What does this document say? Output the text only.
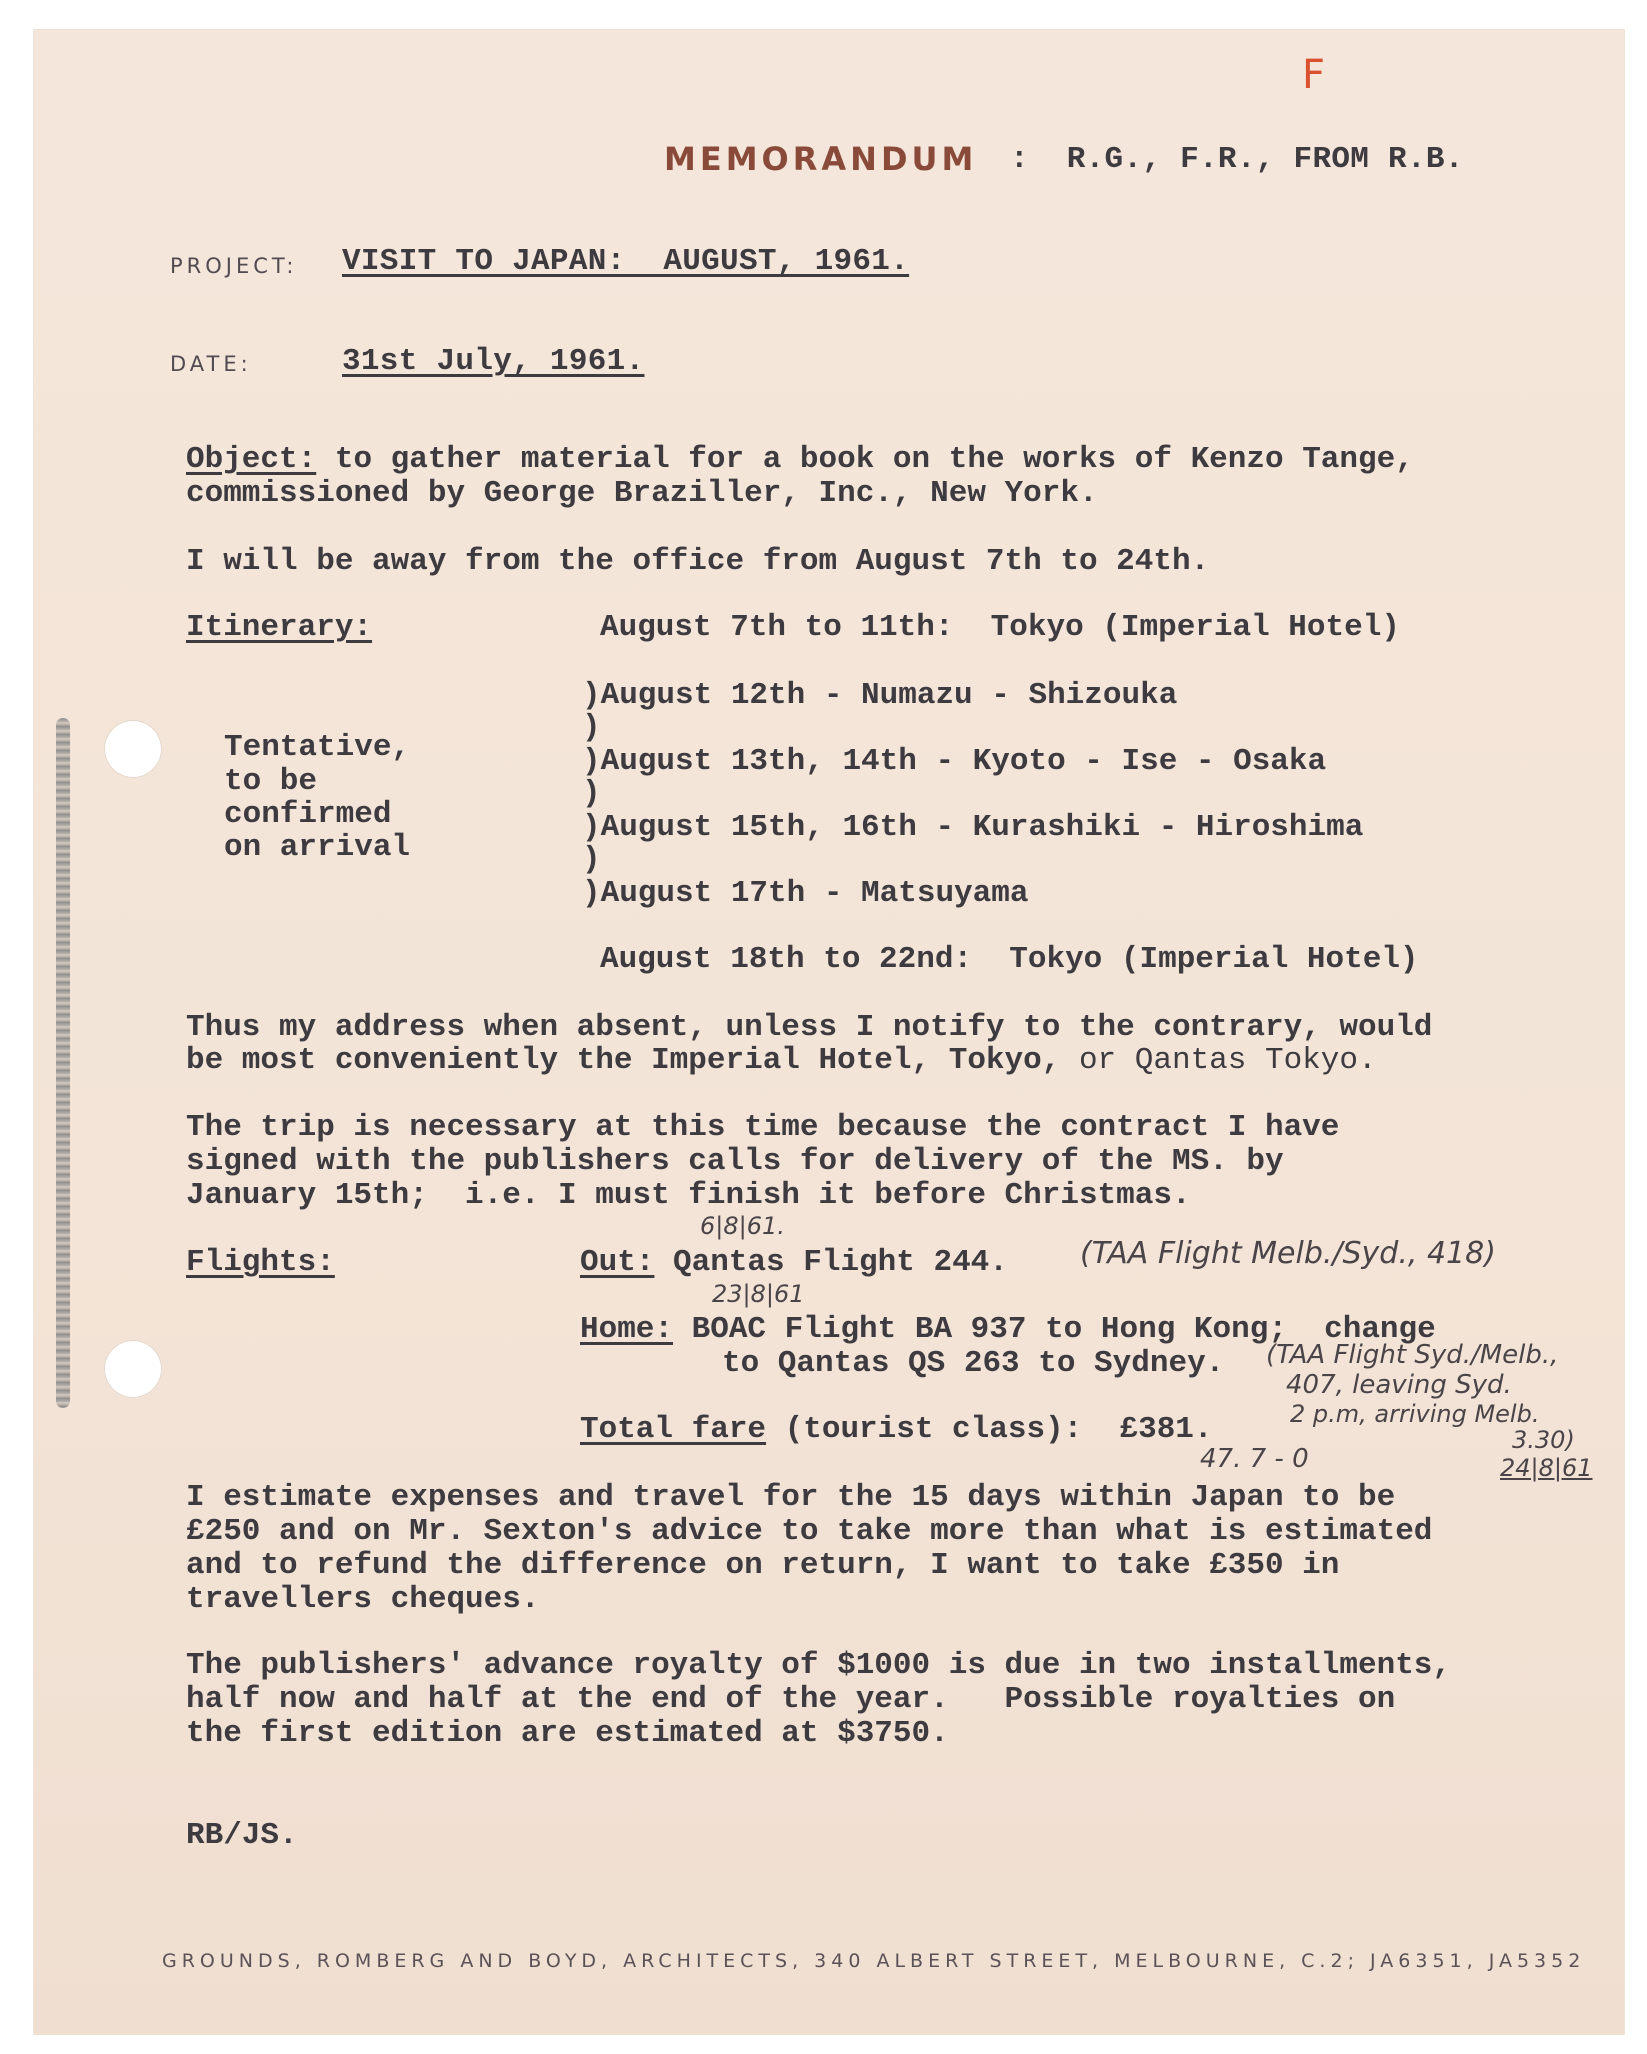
F
MEMORANDUM :  R.G., F.R., FROM R.B.
PROJECT: VISIT TO JAPAN:  AUGUST, 1961.
DATE:	31st July, 1961.
Object: to gather material for a book on the works of Kenzo Tange,
commissioned by George Braziller, Inc., New York.
I will be away from the office from August 7th to 24th.
Itinerary:	August 7th to 11th:  Tokyo (Imperial Hotel)
Tentative,
to be
confirmed
on arrival
)August 12th - Numazu - Shizouka
)
)August 13th, 14th - Kyoto - Ise - Osaka
)
)August 15th, 16th - Kurashiki - Hiroshima
)
)August 17th - Matsuyama
August 18th to 22nd:  Tokyo (Imperial Hotel)
Thus my address when absent, unless I notify to the contrary, would
be most conveniently the Imperial Hotel, Tokyo, or Qantas Tokyo.
The trip is necessary at this time because the contract I have
signed with the publishers calls for delivery of the MS. by
January 15th;  i.e. I must finish it before Christmas.
6|8|61.
Flights:	Out: Qantas Flight 244. (TAA Flight Melb./Syd., 418)
23|8|61
Home: BOAC Flight BA 937 to Hong Kong;  change
to Qantas QS 263 to Sydney. (TAA Flight Syd./Melb.,
407, leaving Syd.
2 p.m, arriving Melb.
3.30)
24|8|61
Total fare (tourist class):  £381.
47. 7 - 0
I estimate expenses and travel for the 15 days within Japan to be
£250 and on Mr. Sexton's advice to take more than what is estimated
and to refund the difference on return, I want to take £350 in
travellers cheques.
The publishers' advance royalty of $1000 is due in two installments,
half now and half at the end of the year.   Possible royalties on
the first edition are estimated at $3750.
RB/JS.
GROUNDS, ROMBERG AND BOYD, ARCHITECTS, 340 ALBERT STREET, MELBOURNE, C.2; JA6351, JA5352
